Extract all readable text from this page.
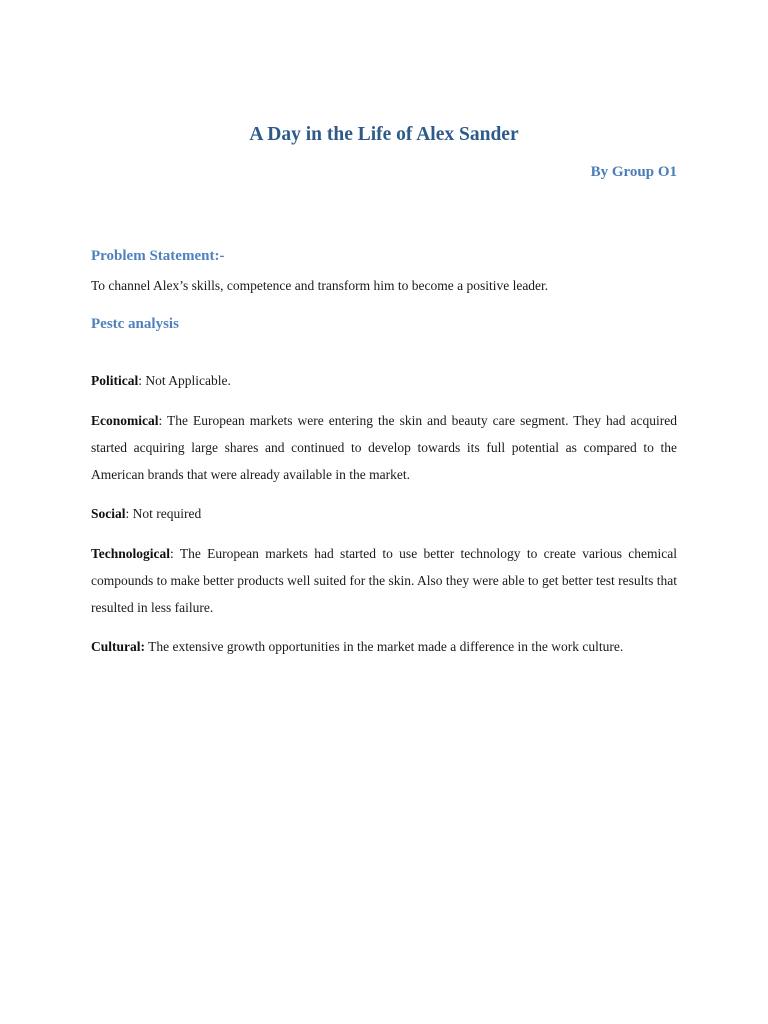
A Day in the Life of Alex Sander

By Group O1

Problem Statement:-

To channel Alex’s skills, competence and transform him to become a positive leader.

Pestc analysis

Political: Not Applicable.

Economical: The European markets were entering the skin and beauty care segment. They had acquired started acquiring large shares and continued to develop towards its full potential as compared to the American brands that were already available in the market.

Social: Not required

Technological: The European markets had started to use better technology to create various chemical compounds to make better products well suited for the skin. Also they were able to get better test results that resulted in less failure.

Cultural: The extensive growth opportunities in the market made a difference in the work culture.
